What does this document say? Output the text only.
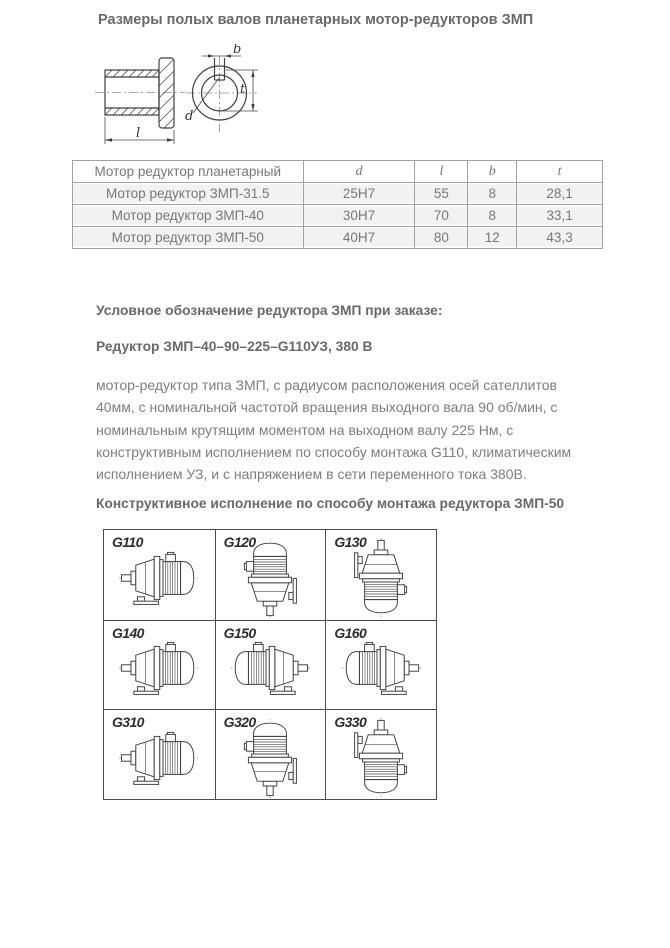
Размеры полых валов планетарных мотор-редукторов ЗМП
l
b
t
d
Мотор редуктор планетарный	d	l	b	t
Мотор редуктор ЗМП-31.5	25H7	55	8	28,1
Мотор редуктор ЗМП-40	30H7	70	8	33,1
Мотор редуктор ЗМП-50	40H7	80	12	43,3
Условное обозначение редуктора ЗМП при заказе:

Редуктор ЗМП–40–90–225–G110УЗ, 380 В

мотор-редуктор типа ЗМП, с радиусом расположения осей сателлитов 40мм, с номинальной частотой вращения выходного вала 90 об/мин, с номинальным крутящим моментом на выходном валу 225 Нм, с конструктивным исполнением по способу монтажа G110, климатическим исполнением УЗ, и с напряжением в сети переменного тока 380В.

Конструктивное исполнение по способу монтажа редуктора ЗМП-50
G110	G120	G130
G140	G150	G160
G310	G320	G330
